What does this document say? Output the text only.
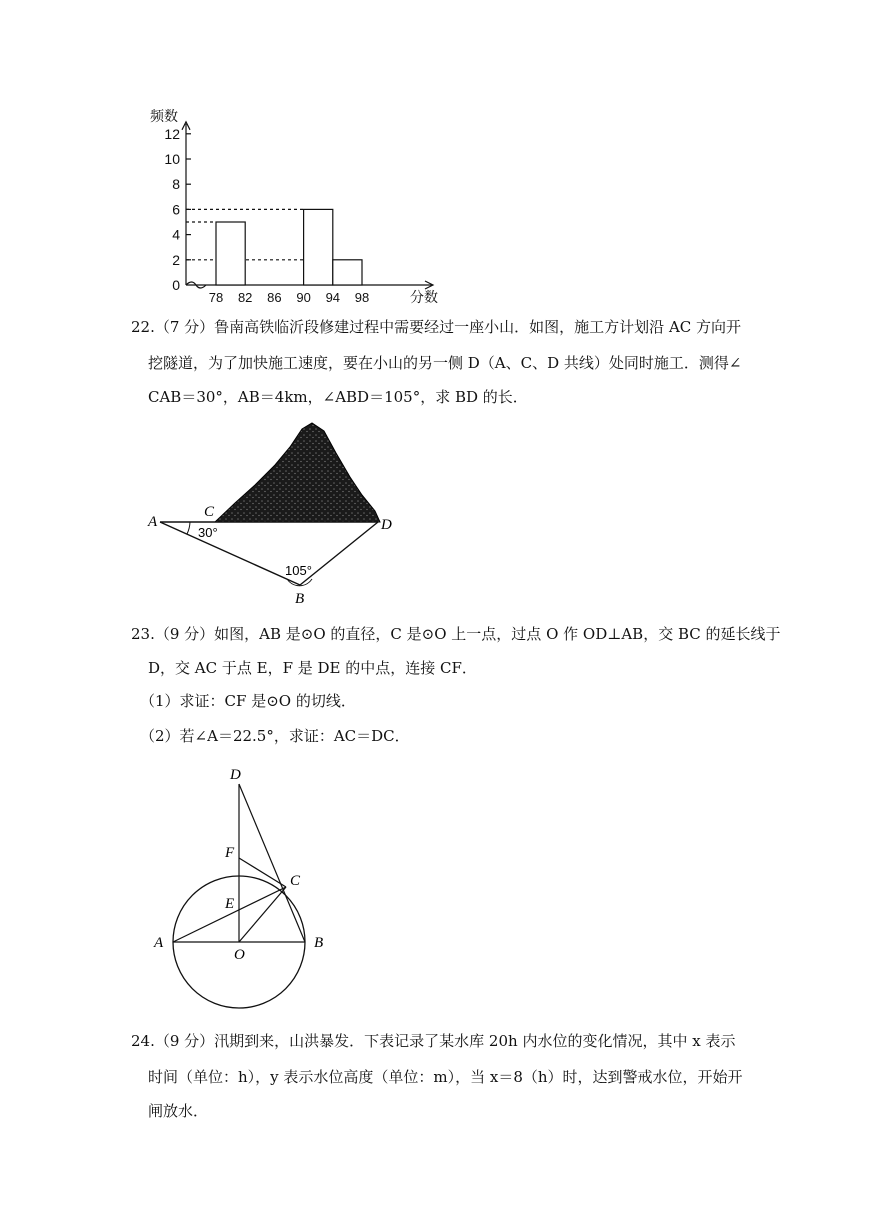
频数
分数
0
2
4
6
8
10
12
78 82 86 90 94 98
22.（7 分）鲁南高铁临沂段修建过程中需要经过一座小山．如图，施工方计划沿 AC 方向开
挖隧道，为了加快施工速度，要在小山的另一侧 D（A、C、D 共线）处同时施工．测得∠
CAB＝30°，AB＝4km，∠ABD＝105°，求 BD 的长．
A
C
D
B
30°
105°
23.（9 分）如图，AB 是⊙O 的直径，C 是⊙O 上一点，过点 O 作 OD⊥AB，交 BC 的延长线于
D，交 AC 于点 E，F 是 DE 的中点，连接 CF．
（1）求证：CF 是⊙O 的切线．
（2）若∠A＝22.5°，求证：AC＝DC．
D
F
C
E
A
O
B
24.（9 分）汛期到来，山洪暴发．下表记录了某水库 20h 内水位的变化情况，其中 x 表示
时间（单位：h），y 表示水位高度（单位：m），当 x＝8（h）时，达到警戒水位，开始开
闸放水．
